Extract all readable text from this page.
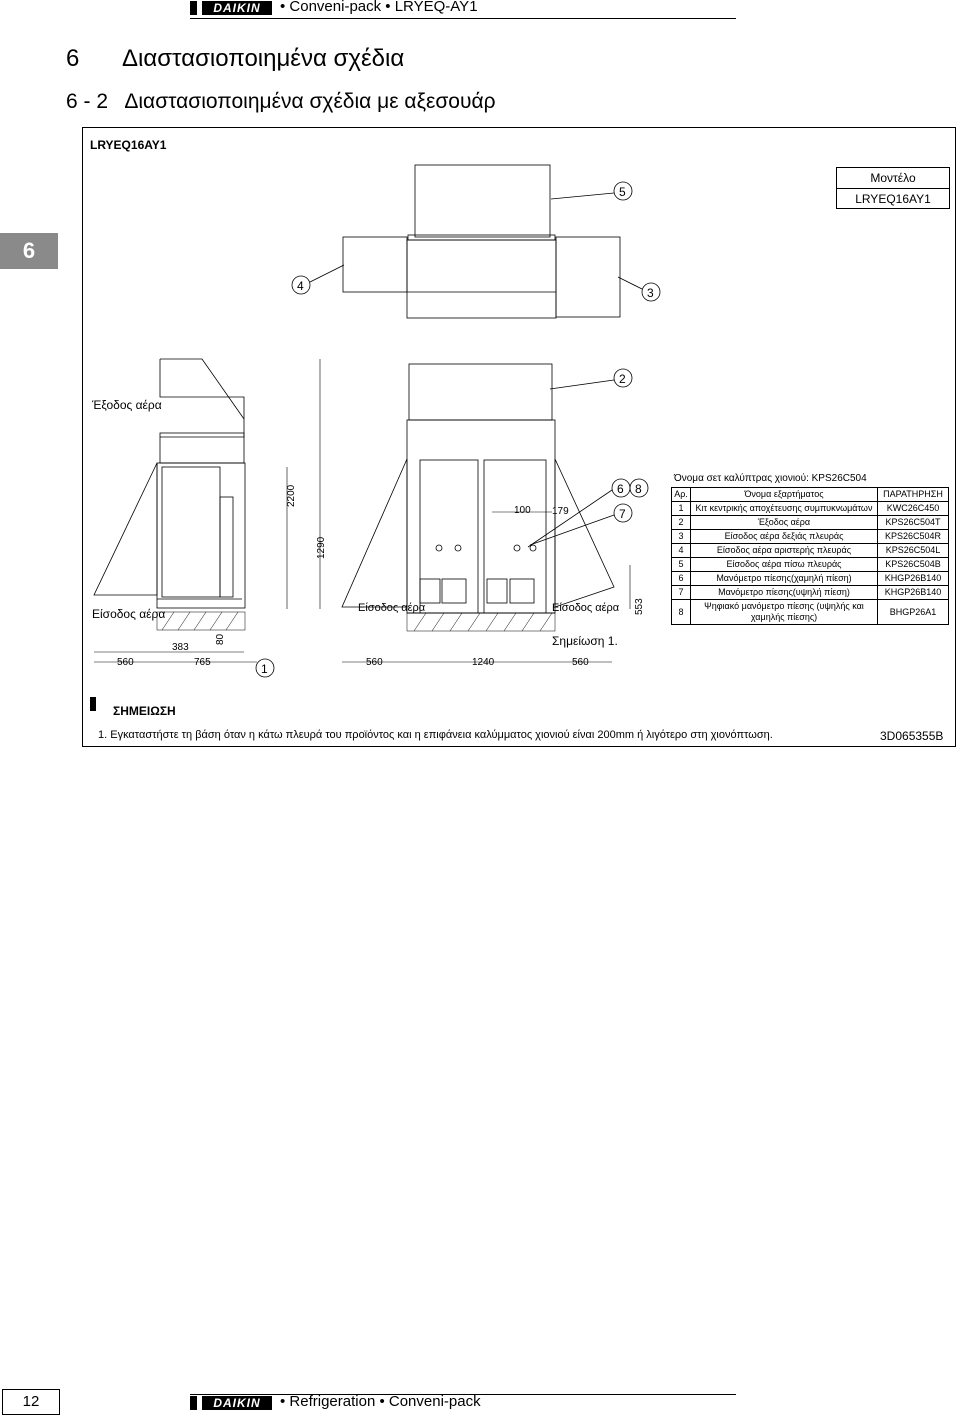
DAIKIN	• Conveni-pack • LRYEQ-AY1
6 Διαστασιοποιημένα σχέδια
6 - 2   Διαστασιοποιημένα σχέδια με αξεσουάρ
6
LRYEQ16AY1
Μοντέλο
LRYEQ16AY1
5
4	3
2
6 8
7
1
2200
1290
553
100 179
80
383
560	765	560	1240	560
Έξοδος αέρα
Είσοδος αέρα	Είσοδος αέρα	Είσοδος αέρα
Σημείωση 1.
Όνομα σετ καλύπτρας χιονιού: KPS26C504
Αρ.	Όνομα εξαρτήματος	ΠΑΡΑΤΗΡΗΣΗ
1	Κιτ κεντρικής αποχέτευσης συμπυκνωμάτων	KWC26C450
2	Έξοδος αέρα	KPS26C504T
3	Είσοδος αέρα δεξιάς πλευράς	KPS26C504R
4	Είσοδος αέρα αριστερής πλευράς	KPS26C504L
5	Είσοδος αέρα πίσω πλευράς	KPS26C504B
6	Μανόμετρο πίεσης(χαμηλή πίεση)	KHGP26B140
7	Μανόμετρο πίεσης(υψηλή πίεση)	KHGP26B140
8	Ψηφιακό μανόμετρο πίεσης (υψηλής και χαμηλής πίεσης)	BHGP26A1
ΣΗΜΕΙΩΣΗ
1. Εγκαταστήστε τη βάση όταν η κάτω πλευρά του προϊόντος και η επιφάνεια καλύμματος χιονιού είναι 200mm ή λιγότερο στη χιονόπτωση.	3D065355B
12	DAIKIN	• Refrigeration • Conveni-pack
